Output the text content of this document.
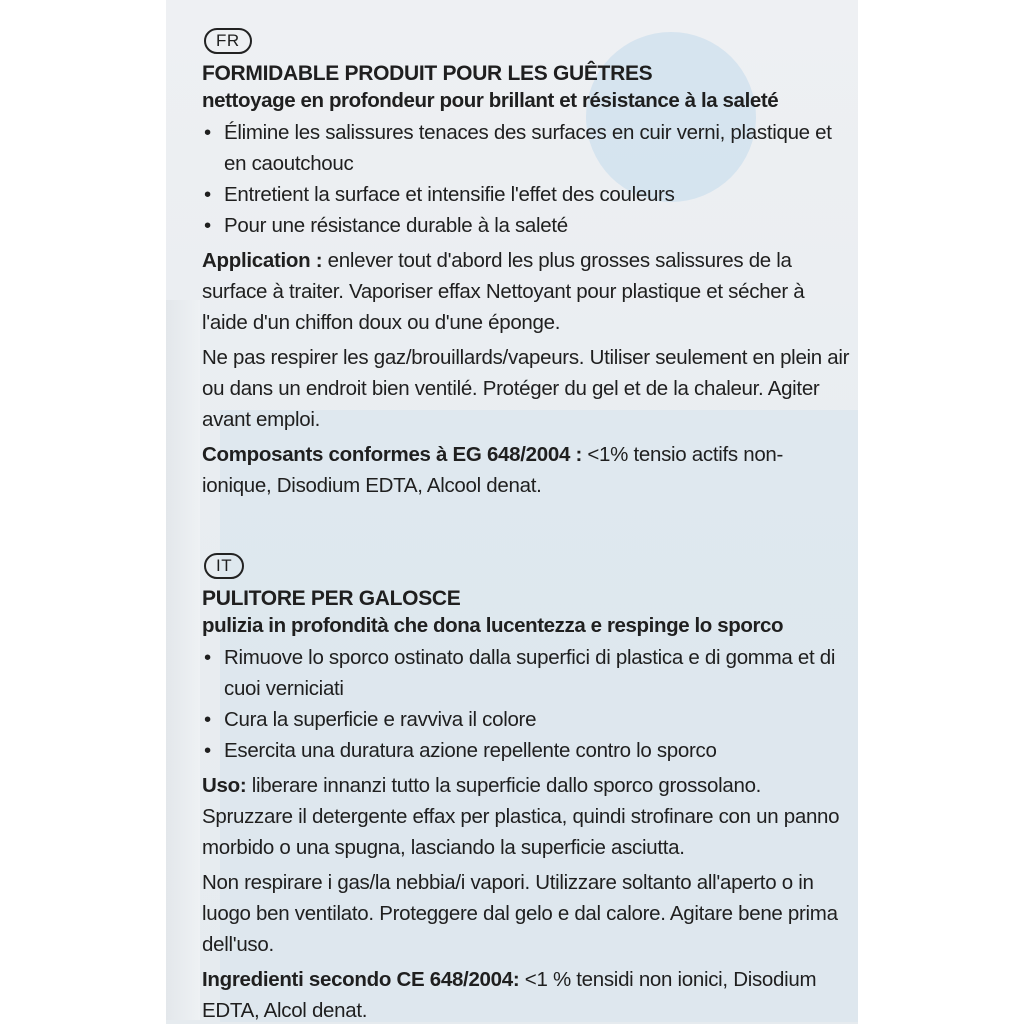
FR
FORMIDABLE PRODUIT POUR LES GUÊTRES
nettoyage en profondeur pour brillant et résistance à la saleté
• Élimine les salissures tenaces des surfaces en cuir verni, plastique et en caoutchouc
• Entretient la surface et intensifie l'effet des couleurs
• Pour une résistance durable à la saleté

Application : enlever tout d'abord les plus grosses salissures de la surface à traiter. Vaporiser effax Nettoyant pour plastique et sécher à l'aide d'un chiffon doux ou d'une éponge.

Ne pas respirer les gaz/brouillards/vapeurs. Utiliser seulement en plein air ou dans un endroit bien ventilé. Protéger du gel et de la chaleur. Agiter avant emploi.

Composants conformes à EG 648/2004 : <1% tensio actifs non-ionique, Disodium EDTA, Alcool denat.

IT
PULITORE PER GALOSCE
pulizia in profondità che dona lucentezza e respinge lo sporco
• Rimuove lo sporco ostinato dalla superfici di plastica e di gomma et di cuoi verniciati
• Cura la superficie e ravviva il colore
• Esercita una duratura azione repellente contro lo sporco

Uso: liberare innanzi tutto la superficie dallo sporco grossolano. Spruzzare il detergente effax per plastica, quindi strofinare con un panno morbido o una spugna, lasciando la superficie asciutta.

Non respirare i gas/la nebbia/i vapori. Utilizzare soltanto all'aperto o in luogo ben ventilato. Proteggere dal gelo e dal calore. Agitare bene prima dell'uso.

Ingredienti secondo CE 648/2004: <1 % tensidi non ionici, Disodium EDTA, Alcol denat.
